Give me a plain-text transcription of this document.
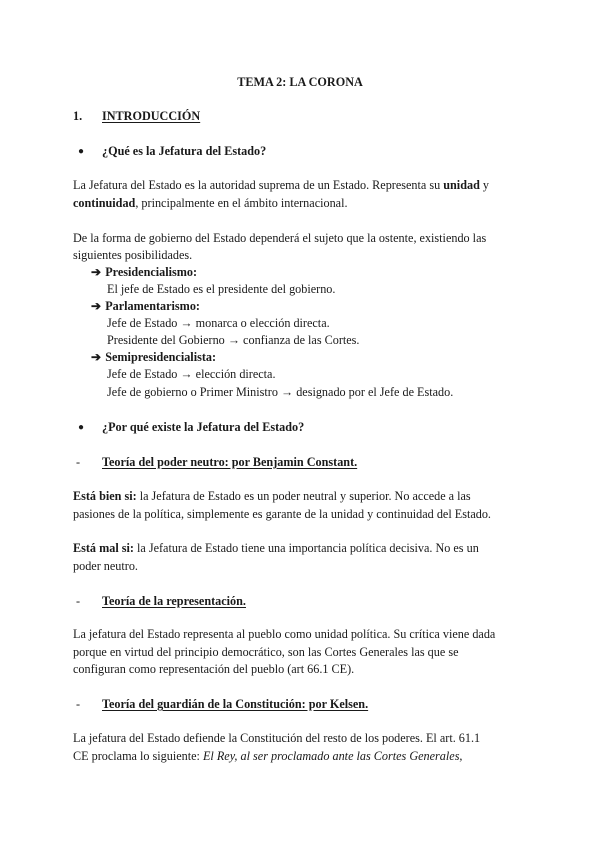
TEMA 2: LA CORONA
1. INTRODUCCIÓN
● ¿Qué es la Jefatura del Estado?
La Jefatura del Estado es la autoridad suprema de un Estado. Representa su unidad y
continuidad, principalmente en el ámbito internacional.
De la forma de gobierno del Estado dependerá el sujeto que la ostente, existiendo las
siguientes posibilidades.
➔ Presidencialismo:
El jefe de Estado es el presidente del gobierno.
➔ Parlamentarismo:
Jefe de Estado → monarca o elección directa.
Presidente del Gobierno → confianza de las Cortes.
➔ Semipresidencialista:
Jefe de Estado → elección directa.
Jefe de gobierno o Primer Ministro → designado por el Jefe de Estado.
● ¿Por qué existe la Jefatura del Estado?
- Teoría del poder neutro: por Benjamin Constant.
Está bien si: la Jefatura de Estado es un poder neutral y superior. No accede a las
pasiones de la política, simplemente es garante de la unidad y continuidad del Estado.
Está mal si: la Jefatura de Estado tiene una importancia política decisiva. No es un
poder neutro.
- Teoría de la representación.
La jefatura del Estado representa al pueblo como unidad política. Su crítica viene dada
porque en virtud del principio democrático, son las Cortes Generales las que se
configuran como representación del pueblo (art 66.1 CE).
- Teoría del guardián de la Constitución: por Kelsen.
La jefatura del Estado defiende la Constitución del resto de los poderes. El art. 61.1
CE proclama lo siguiente: El Rey, al ser proclamado ante las Cortes Generales,
